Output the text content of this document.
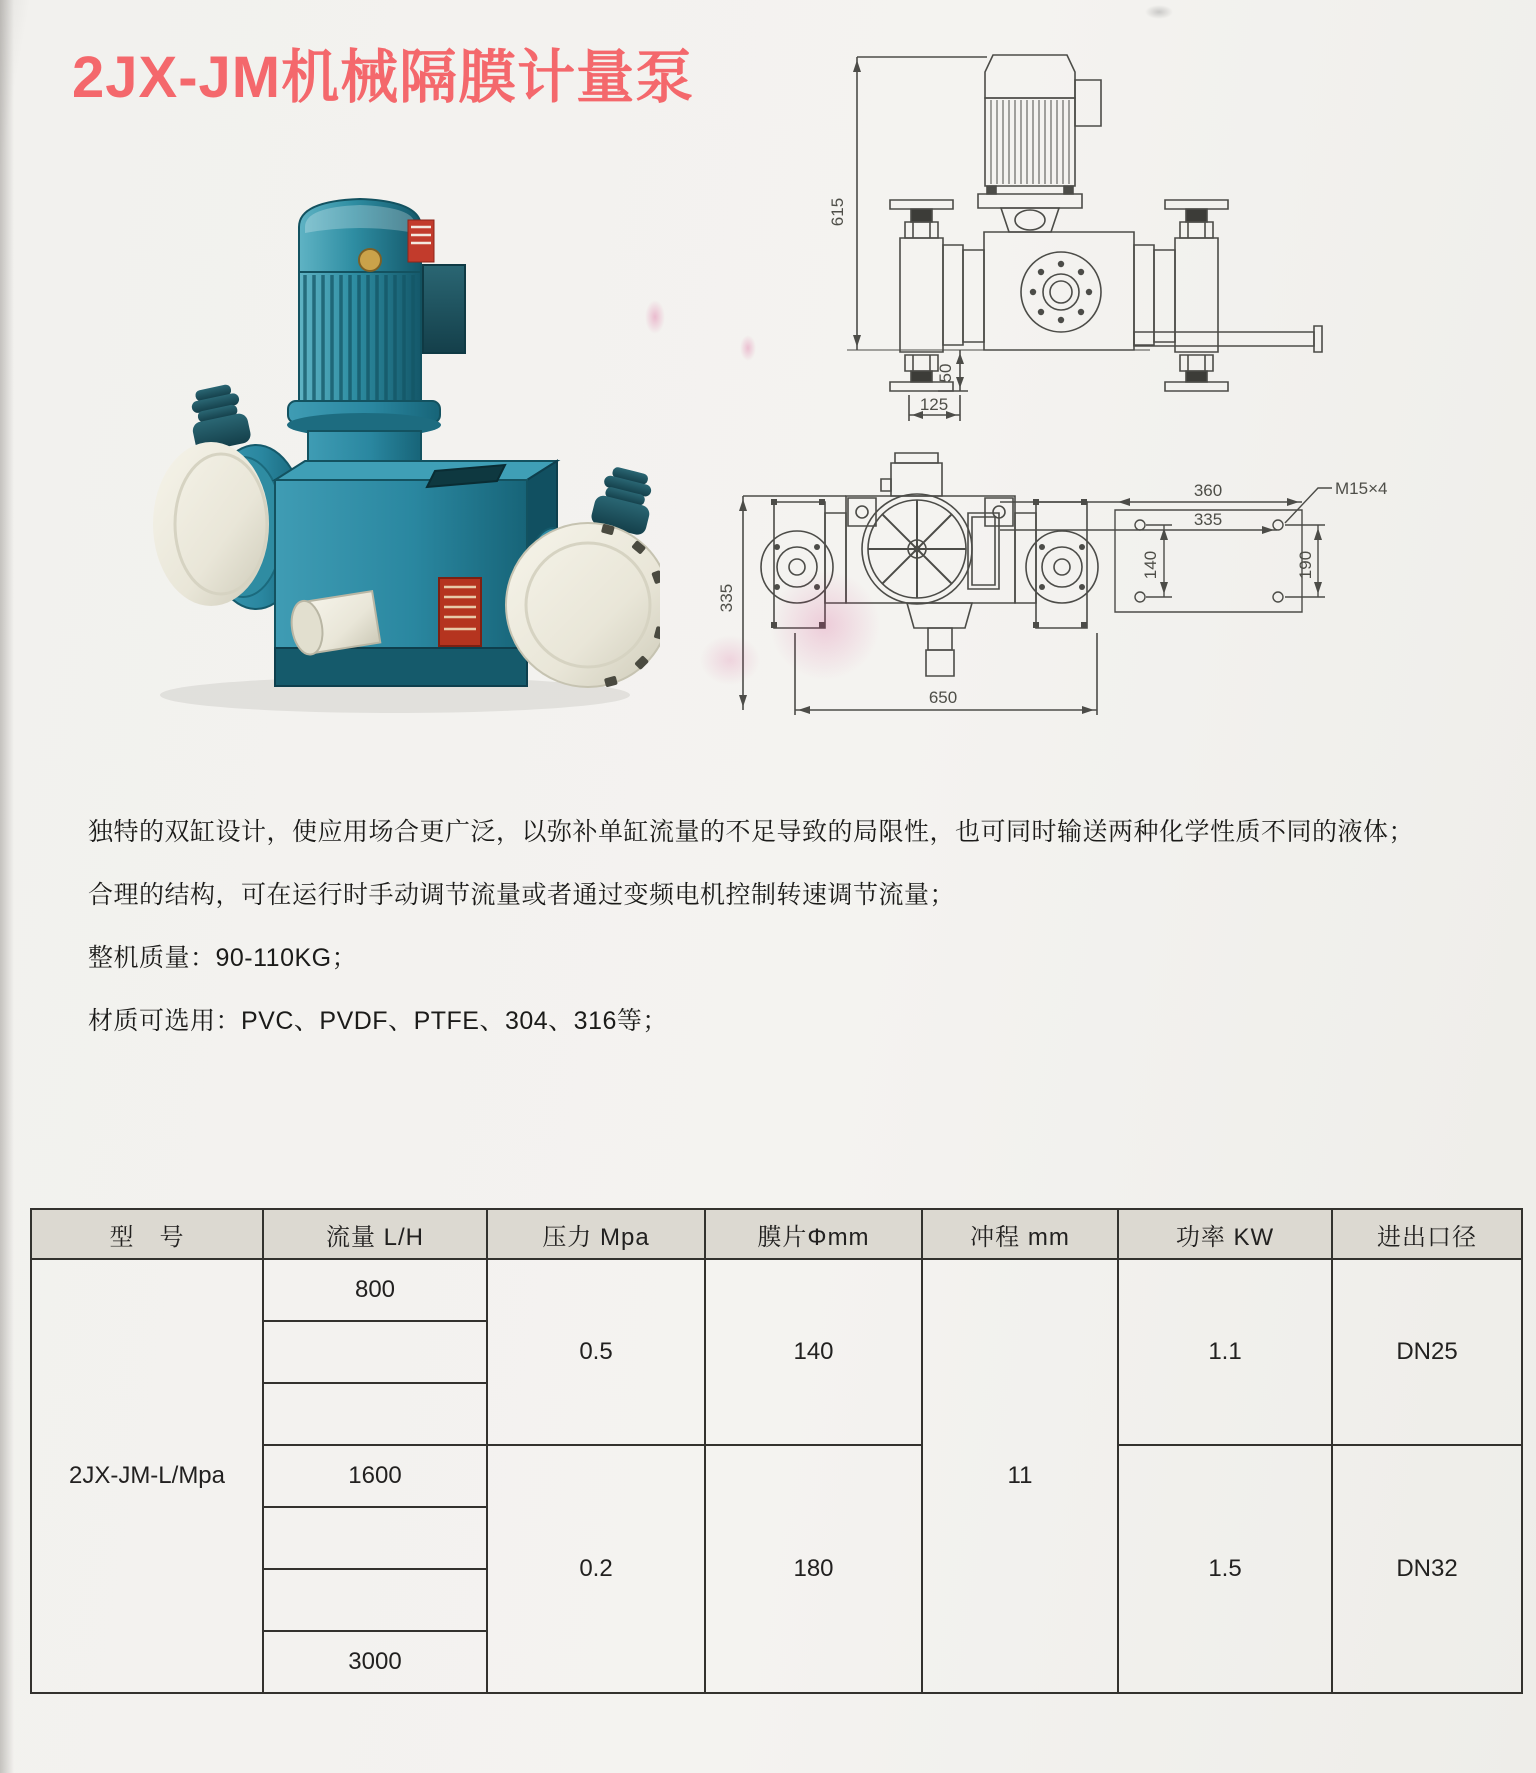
2JX-JM机械隔膜计量泵
615
50
125
335
650
360
335
M15×4
190
140

独特的双缸设计，使应用场合更广泛，以弥补单缸流量的不足导致的局限性，也可同时输送两种化学性质不同的液体；

合理的结构，可在运行时手动调节流量或者通过变频电机控制转速调节流量；

整机质量：90-110KG；

材质可选用：PVC、PVDF、PTFE、304、316等；

型　号	流量 L/H	压力 Mpa	膜片Φmm	冲程 mm	功率 KW	进出口径
2JX-JM-L/Mpa	800	0.5	140	11	1.1	DN25

	1600	0.2	180		1.5	DN32

	3000					
